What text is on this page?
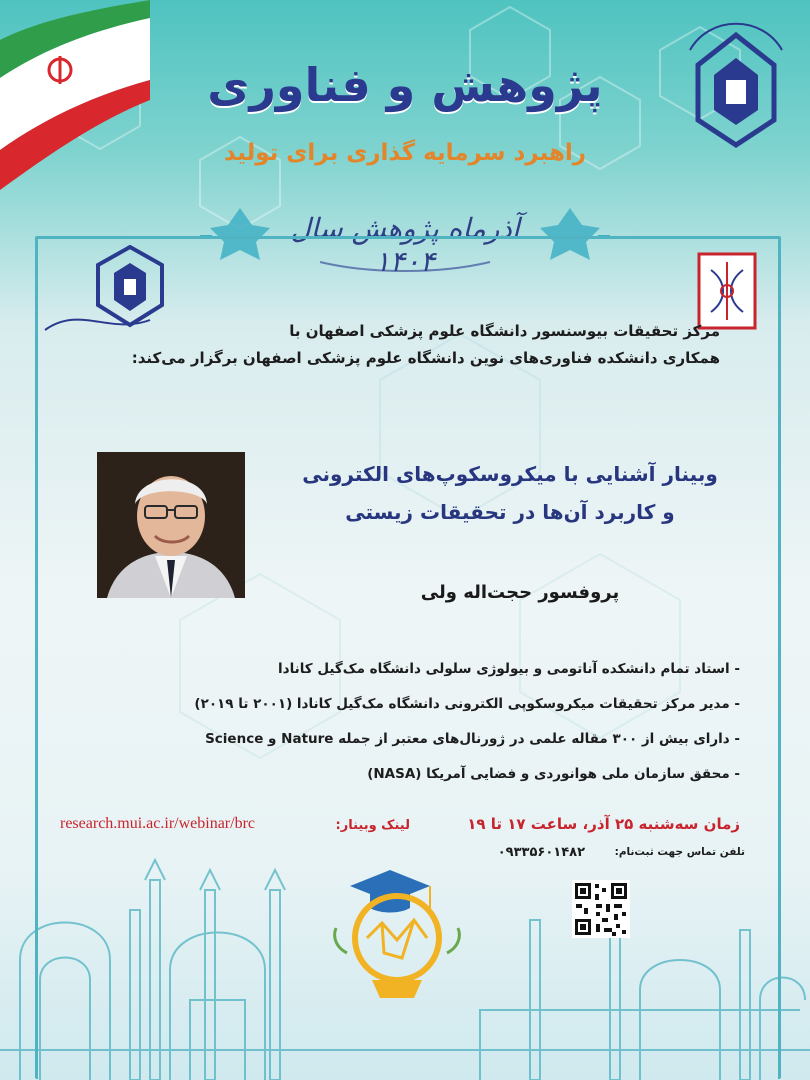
پژوهش و فناوری
راهبرد سرمایه گذاری برای تولید
آذرماه پژوهش سال ۱۴۰۴
مرکز تحقیقات بیوسنسور دانشگاه علوم پزشکی اصفهان با
همکاری دانشکده فناوری‌های نوین دانشگاه علوم پزشکی اصفهان برگزار می‌کند:
وبینار آشنایی با میکروسکوپ‌های الکترونی
و کاربرد آن‌ها در تحقیقات زیستی
پروفسور حجت‌اله ولی
- استاد تمام دانشکده آناتومی و بیولوژی سلولی دانشگاه مک‌گیل کانادا
- مدیر مرکز تحقیقات میکروسکوپی الکترونی دانشگاه مک‌گیل کانادا (۲۰۰۱ تا ۲۰۱۹)
- دارای بیش از ۳۰۰ مقاله علمی در ژورنال‌های معتبر از جمله Nature و Science
- محقق سازمان ملی هوانوردی و فضایی آمریکا (NASA)
زمان سه‌شنبه ۲۵ آذر، ساعت ۱۷ تا ۱۹
لینک وبینار:
research.mui.ac.ir/webinar/brc
تلفن تماس جهت ثبت‌نام:
۰۹۳۳۵۶۰۱۴۸۲
